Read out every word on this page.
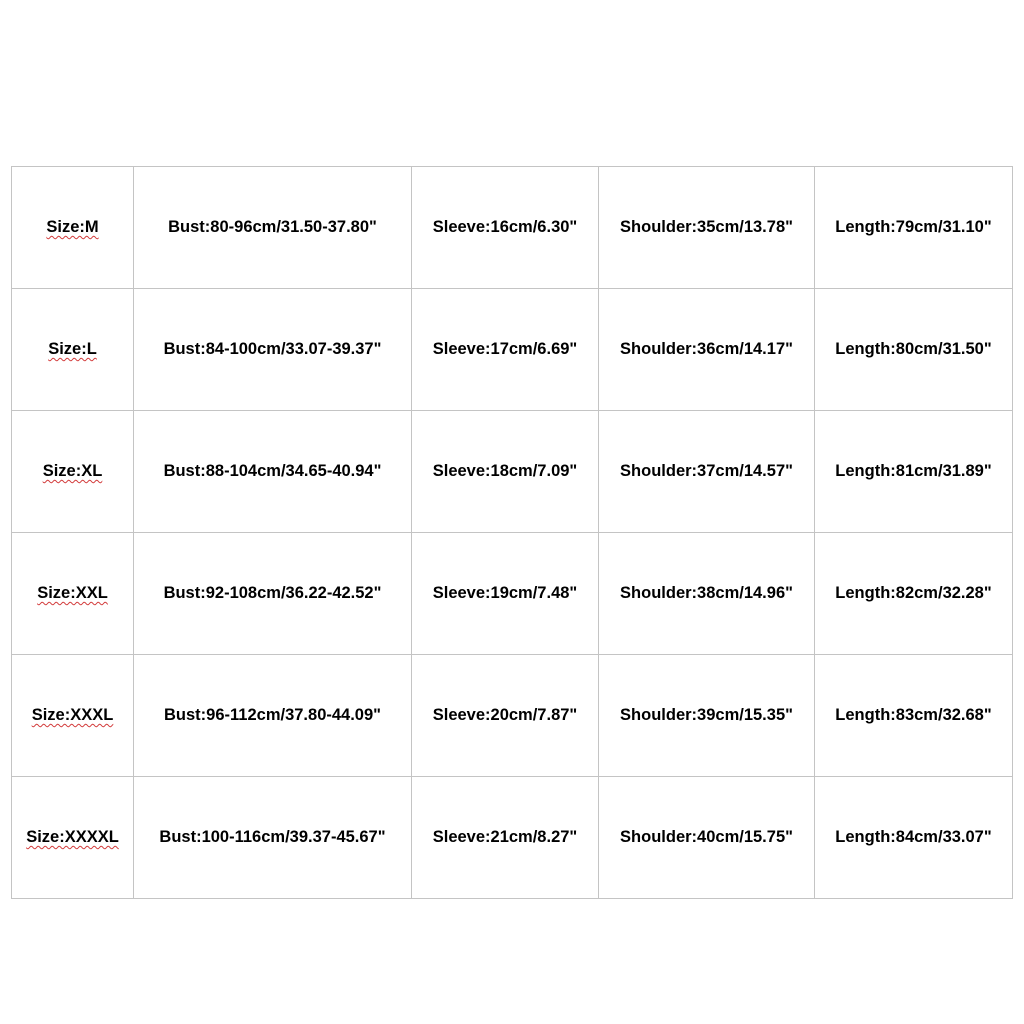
Size:M	Bust:80-96cm/31.50-37.80"	Sleeve:16cm/6.30"	Shoulder:35cm/13.78"	Length:79cm/31.10"
Size:L	Bust:84-100cm/33.07-39.37"	Sleeve:17cm/6.69"	Shoulder:36cm/14.17"	Length:80cm/31.50"
Size:XL	Bust:88-104cm/34.65-40.94"	Sleeve:18cm/7.09"	Shoulder:37cm/14.57"	Length:81cm/31.89"
Size:XXL	Bust:92-108cm/36.22-42.52"	Sleeve:19cm/7.48"	Shoulder:38cm/14.96"	Length:82cm/32.28"
Size:XXXL	Bust:96-112cm/37.80-44.09"	Sleeve:20cm/7.87"	Shoulder:39cm/15.35"	Length:83cm/32.68"
Size:XXXXL	Bust:100-116cm/39.37-45.67"	Sleeve:21cm/8.27"	Shoulder:40cm/15.75"	Length:84cm/33.07"
